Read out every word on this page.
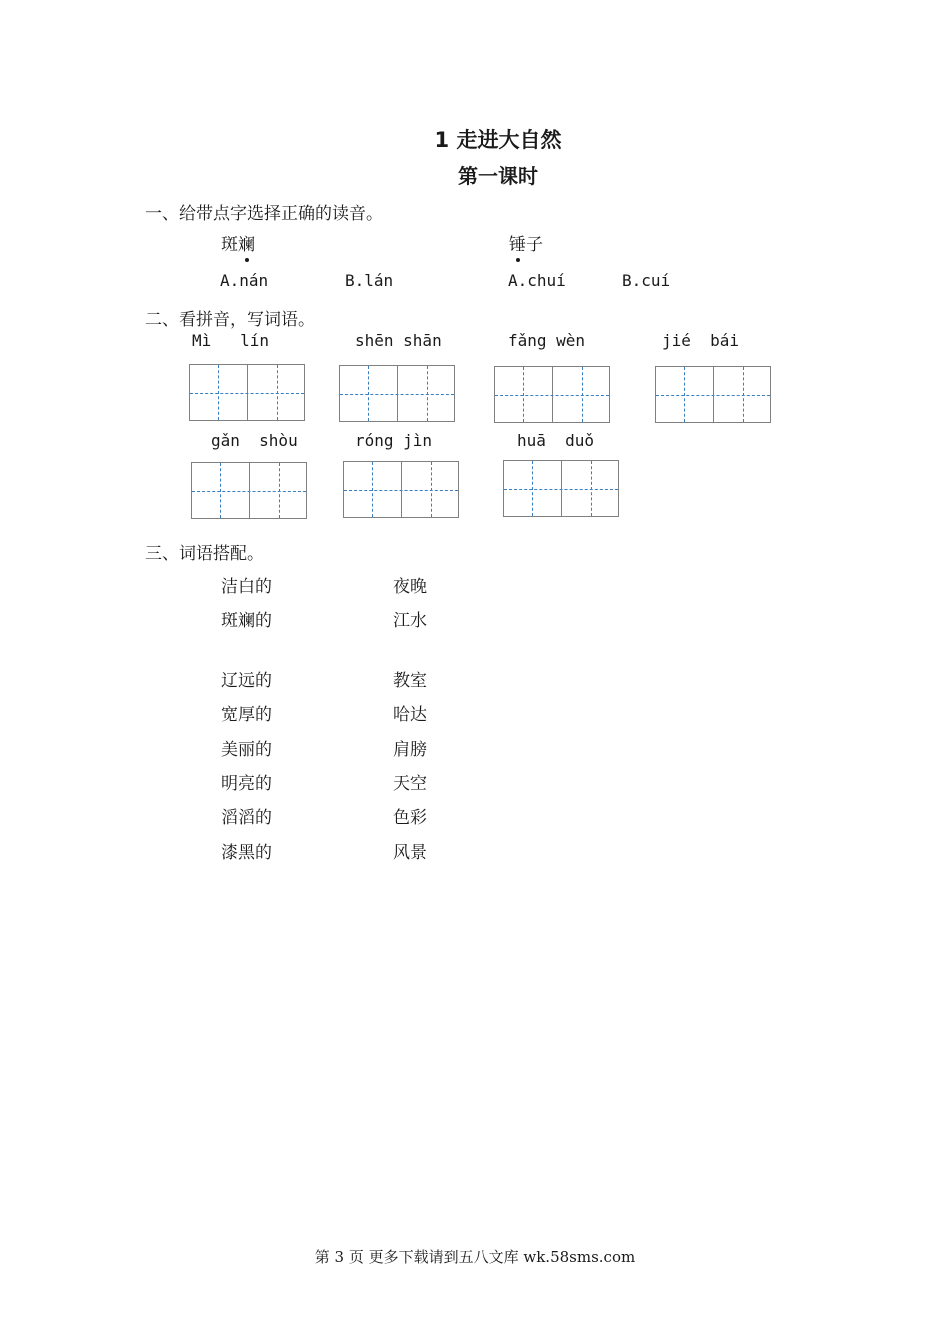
1 走进大自然
第一课时
一、给带点字选择正确的读音。
斑斓	锤子
A.nán	B.lán	A.chuí	B.cuí
二、看拼音，写词语。
Mì   lín	shēn shān	fǎng wèn	jié  bái
gǎn  shòu	róng jìn	huā  duǒ
三、词语搭配。
洁白的	夜晚
斑斓的	江水
辽远的	教室
宽厚的	哈达
美丽的	肩膀
明亮的	天空
滔滔的	色彩
漆黑的	风景
第 3 页 更多下载请到五八文库 wk.58sms.com
